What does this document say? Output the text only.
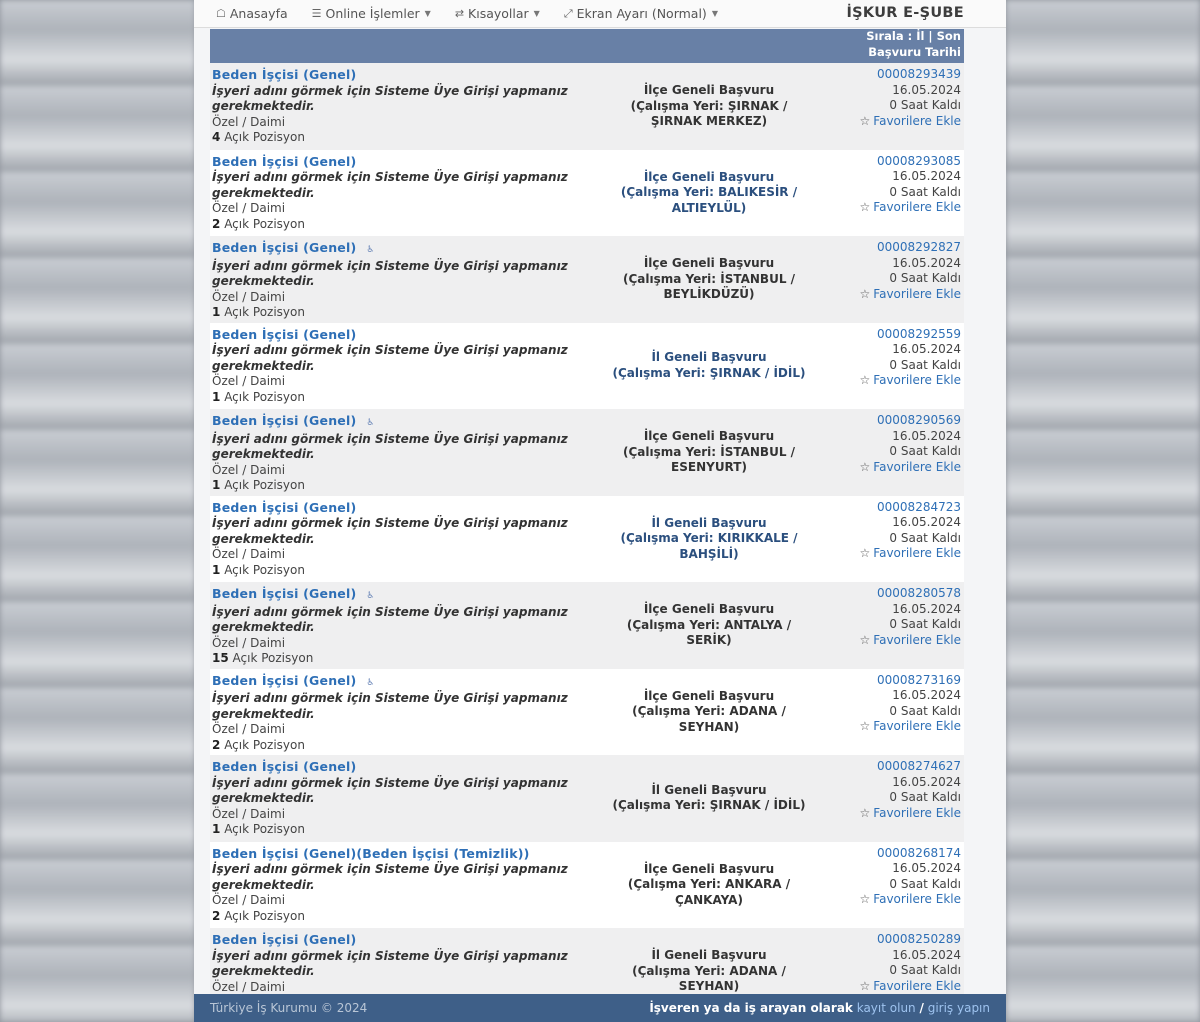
☖ Anasayfa ☰ Online İşlemler ▼ ⇄ Kısayollar ▼ ⤢ Ekran Ayarı (Normal) ▼	İŞKUR E-ŞUBE
Sırala : İl | Son
Başvuru Tarihi
Beden İşçisi (Genel)
İşyeri adını görmek için Sisteme Üye Girişi yapmanız
gerekmektedir.
Özel / Daimi
4 Açık Pozisyon
İlçe Geneli Başvuru
(Çalışma Yeri: ŞIRNAK /
ŞIRNAK MERKEZ)
00008293439
16.05.2024
0 Saat Kaldı
☆ Favorilere Ekle
Beden İşçisi (Genel)
İşyeri adını görmek için Sisteme Üye Girişi yapmanız
gerekmektedir.
Özel / Daimi
2 Açık Pozisyon
İlçe Geneli Başvuru
(Çalışma Yeri: BALIKESİR /
ALTIEYLÜL)
00008293085
16.05.2024
0 Saat Kaldı
☆ Favorilere Ekle
Beden İşçisi (Genel) ♿
İşyeri adını görmek için Sisteme Üye Girişi yapmanız
gerekmektedir.
Özel / Daimi
1 Açık Pozisyon
İlçe Geneli Başvuru
(Çalışma Yeri: İSTANBUL /
BEYLİKDÜZÜ)
00008292827
16.05.2024
0 Saat Kaldı
☆ Favorilere Ekle
Beden İşçisi (Genel)
İşyeri adını görmek için Sisteme Üye Girişi yapmanız
gerekmektedir.
Özel / Daimi
1 Açık Pozisyon
İl Geneli Başvuru
(Çalışma Yeri: ŞIRNAK / İDİL)
00008292559
16.05.2024
0 Saat Kaldı
☆ Favorilere Ekle
Beden İşçisi (Genel) ♿
İşyeri adını görmek için Sisteme Üye Girişi yapmanız
gerekmektedir.
Özel / Daimi
1 Açık Pozisyon
İlçe Geneli Başvuru
(Çalışma Yeri: İSTANBUL /
ESENYURT)
00008290569
16.05.2024
0 Saat Kaldı
☆ Favorilere Ekle
Beden İşçisi (Genel)
İşyeri adını görmek için Sisteme Üye Girişi yapmanız
gerekmektedir.
Özel / Daimi
1 Açık Pozisyon
İl Geneli Başvuru
(Çalışma Yeri: KIRIKKALE /
BAHŞİLİ)
00008284723
16.05.2024
0 Saat Kaldı
☆ Favorilere Ekle
Beden İşçisi (Genel) ♿
İşyeri adını görmek için Sisteme Üye Girişi yapmanız
gerekmektedir.
Özel / Daimi
15 Açık Pozisyon
İlçe Geneli Başvuru
(Çalışma Yeri: ANTALYA /
SERİK)
00008280578
16.05.2024
0 Saat Kaldı
☆ Favorilere Ekle
Beden İşçisi (Genel) ♿
İşyeri adını görmek için Sisteme Üye Girişi yapmanız
gerekmektedir.
Özel / Daimi
2 Açık Pozisyon
İlçe Geneli Başvuru
(Çalışma Yeri: ADANA /
SEYHAN)
00008273169
16.05.2024
0 Saat Kaldı
☆ Favorilere Ekle
Beden İşçisi (Genel)
İşyeri adını görmek için Sisteme Üye Girişi yapmanız
gerekmektedir.
Özel / Daimi
1 Açık Pozisyon
İl Geneli Başvuru
(Çalışma Yeri: ŞIRNAK / İDİL)
00008274627
16.05.2024
0 Saat Kaldı
☆ Favorilere Ekle
Beden İşçisi (Genel)(Beden İşçisi (Temizlik))
İşyeri adını görmek için Sisteme Üye Girişi yapmanız
gerekmektedir.
Özel / Daimi
2 Açık Pozisyon
İlçe Geneli Başvuru
(Çalışma Yeri: ANKARA /
ÇANKAYA)
00008268174
16.05.2024
0 Saat Kaldı
☆ Favorilere Ekle
Beden İşçisi (Genel)
İşyeri adını görmek için Sisteme Üye Girişi yapmanız
gerekmektedir.
Özel / Daimi
İl Geneli Başvuru
(Çalışma Yeri: ADANA /
SEYHAN)
00008250289
16.05.2024
0 Saat Kaldı
☆ Favorilere Ekle
Türkiye İş Kurumu © 2024	İşveren ya da iş arayan olarak
kayıt olun
/
giriş yapın
